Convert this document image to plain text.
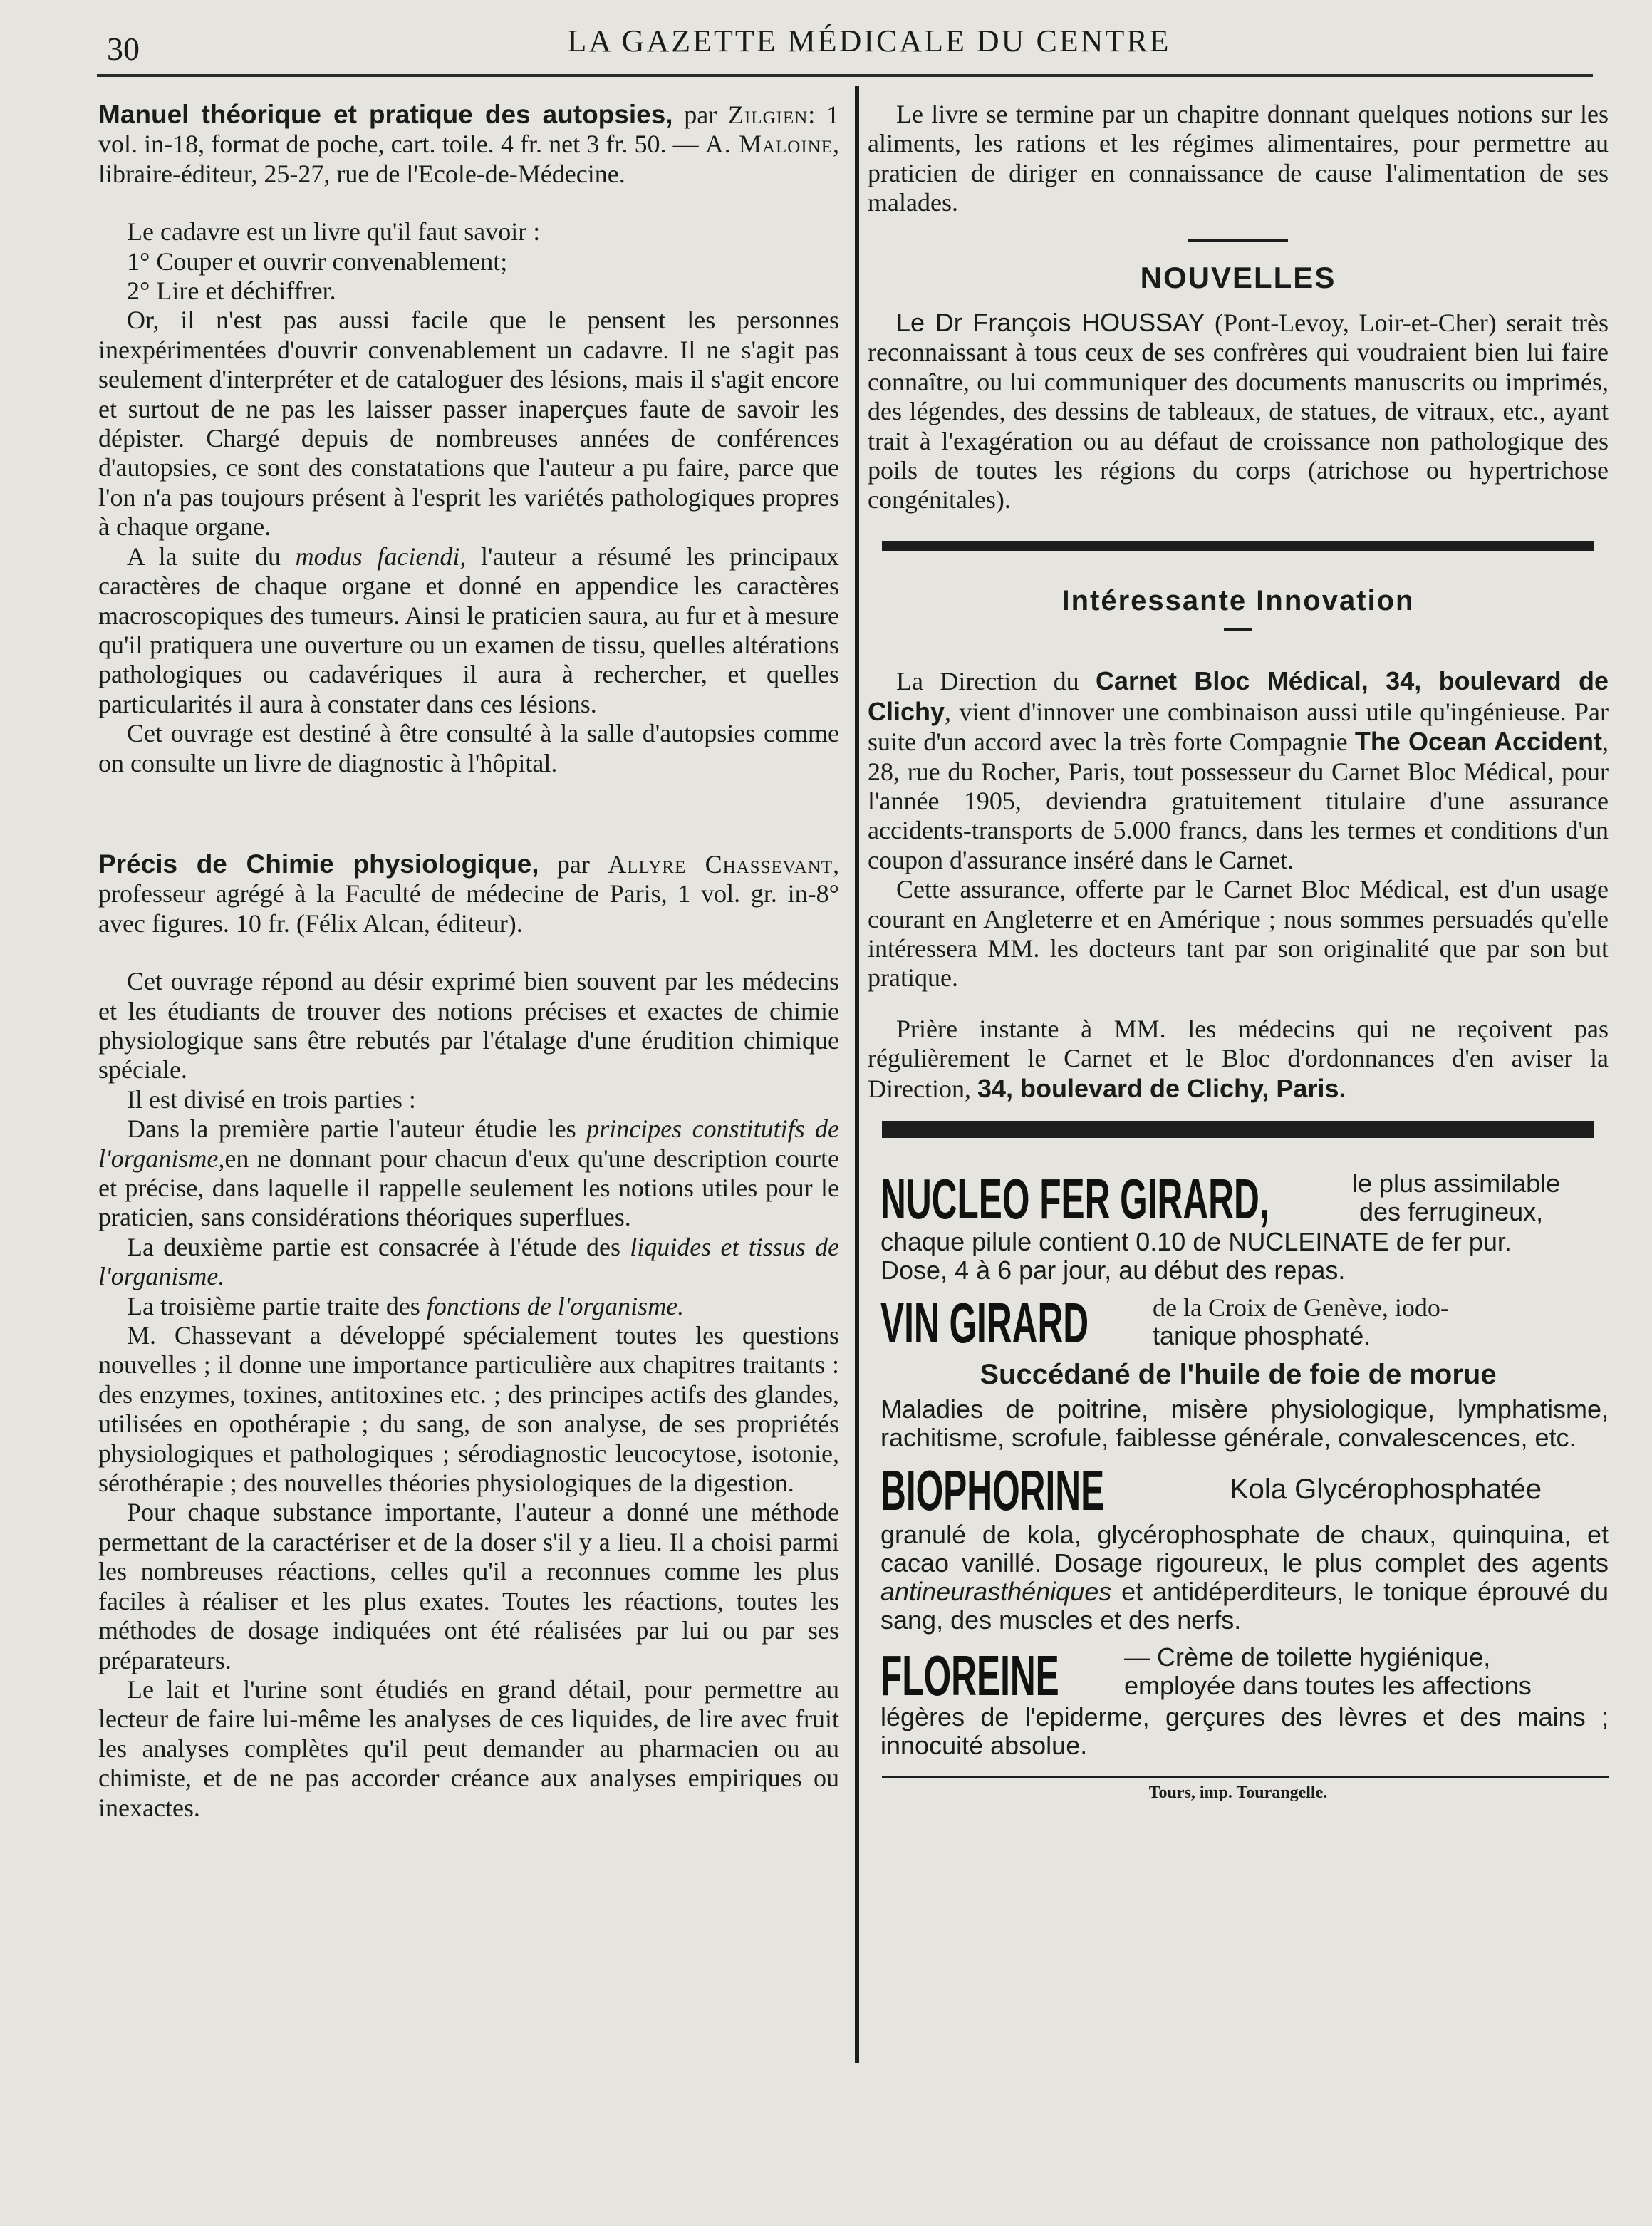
30	LA GAZETTE MÉDICALE DU CENTRE

Manuel théorique et pratique des autopsies, par Zilgien: 1 vol. in-18, format de poche, cart. toile. 4 fr. net 3 fr. 50. — A. Maloine, libraire-éditeur, 25-27, rue de l'Ecole-de-Médecine.

Le cadavre est un livre qu'il faut savoir :

1° Couper et ouvrir convenablement;

2° Lire et déchiffrer.

Or, il n'est pas aussi facile que le pensent les personnes inexpérimentées d'ouvrir convenablement un cadavre. Il ne s'agit pas seulement d'interpréter et de cataloguer des lésions, mais il s'agit encore et surtout de ne pas les laisser passer inaperçues faute de savoir les dépister. Chargé depuis de nombreuses années de conférences d'autopsies, ce sont des constatations que l'auteur a pu faire, parce que l'on n'a pas toujours présent à l'esprit les variétés pathologiques propres à chaque organe.

A la suite du modus faciendi, l'auteur a résumé les principaux caractères de chaque organe et donné en appendice les caractères macroscopiques des tumeurs. Ainsi le praticien saura, au fur et à mesure qu'il pratiquera une ouverture ou un examen de tissu, quelles altérations pathologiques ou cadavériques il aura à rechercher, et quelles particularités il aura à constater dans ces lésions.

Cet ouvrage est destiné à être consulté à la salle d'autopsies comme on consulte un livre de diagnostic à l'hôpital.

Précis de Chimie physiologique, par Allyre Chassevant, professeur agrégé à la Faculté de médecine de Paris, 1 vol. gr. in-8° avec figures. 10 fr. (Félix Alcan, éditeur).

Cet ouvrage répond au désir exprimé bien souvent par les médecins et les étudiants de trouver des notions précises et exactes de chimie physiologique sans être rebutés par l'étalage d'une érudition chimique spéciale.

Il est divisé en trois parties :

Dans la première partie l'auteur étudie les principes constitutifs de l'organisme,en ne donnant pour chacun d'eux qu'une description courte et précise, dans laquelle il rappelle seulement les notions utiles pour le praticien, sans considérations théoriques superflues.

La deuxième partie est consacrée à l'étude des liquides et tissus de l'organisme.

La troisième partie traite des fonctions de l'organisme.

M. Chassevant a développé spécialement toutes les questions nouvelles ; il donne une importance particulière aux chapitres traitants : des enzymes, toxines, antitoxines etc. ; des principes actifs des glandes, utilisées en opothérapie ; du sang, de son analyse, de ses propriétés physiologiques et pathologiques ; sérodiagnostic leucocytose, isotonie, sérothérapie ; des nouvelles théories physiologiques de la digestion.

Pour chaque substance importante, l'auteur a donné une méthode permettant de la caractériser et de la doser s'il y a lieu. Il a choisi parmi les nombreuses réactions, celles qu'il a reconnues comme les plus faciles à réaliser et les plus exates. Toutes les réactions, toutes les méthodes de dosage indiquées ont été réalisées par lui ou par ses préparateurs.

Le lait et l'urine sont étudiés en grand détail, pour permettre au lecteur de faire lui-même les analyses de ces liquides, de lire avec fruit les analyses complètes qu'il peut demander au pharmacien ou au chimiste, et de ne pas accorder créance aux analyses empiriques ou inexactes.

Le livre se termine par un chapitre donnant quelques notions sur les aliments, les rations et les régimes alimentaires, pour permettre au praticien de diriger en connaissance de cause l'alimentation de ses malades.

NOUVELLES

Le Dr François HOUSSAY (Pont-Levoy, Loir-et-Cher) serait très reconnaissant à tous ceux de ses confrères qui voudraient bien lui faire connaître, ou lui communiquer des documents manuscrits ou imprimés, des légendes, des dessins de tableaux, de statues, de vitraux, etc., ayant trait à l'exagération ou au défaut de croissance non pathologique des poils de toutes les régions du corps (atrichose ou hypertrichose congénitales).

Intéressante Innovation

La Direction du Carnet Bloc Médical, 34, boulevard de Clichy, vient d'innover une combinaison aussi utile qu'ingénieuse. Par suite d'un accord avec la très forte Compagnie The Ocean Accident, 28, rue du Rocher, Paris, tout possesseur du Carnet Bloc Médical, pour l'année 1905, deviendra gratuitement titulaire d'une assurance accidents-transports de 5.000 francs, dans les termes et conditions d'un coupon d'assurance inséré dans le Carnet.

Cette assurance, offerte par le Carnet Bloc Médical, est d'un usage courant en Angleterre et en Amérique ; nous sommes persuadés qu'elle intéressera MM. les docteurs tant par son originalité que par son but pratique.

Prière instante à MM. les médecins qui ne reçoivent pas régulièrement le Carnet et le Bloc d'ordonnances d'en aviser la Direction, 34, boulevard de Clichy, Paris.

NUCLEO FER GIRARD,	le plus assimilable
des ferrugineux,

chaque pilule contient 0.10 de NUCLEINATE de fer pur.

Dose, 4 à 6 par jour, au début des repas.

VIN GIRARD de la Croix de Genève, iodo-
tanique phosphaté.

Succédané de l'huile de foie de morue

Maladies de poitrine, misère physiologique, lymphatisme, rachitisme, scrofule, faiblesse générale, convalescences, etc.

BIOPHORINE	Kola Glycérophosphatée

granulé de kola, glycérophosphate de chaux, quinquina, et cacao vanillé. Dosage rigoureux, le plus complet des agents antineurasthéniques et antidéperditeurs, le tonique éprouvé du sang, des muscles et des nerfs.

FLOREINE	— Crème de toilette hygiénique,
employée dans toutes les affections

légères de l'epiderme, gerçures des lèvres et des mains ; innocuité absolue.

Tours, imp. Tourangelle.
